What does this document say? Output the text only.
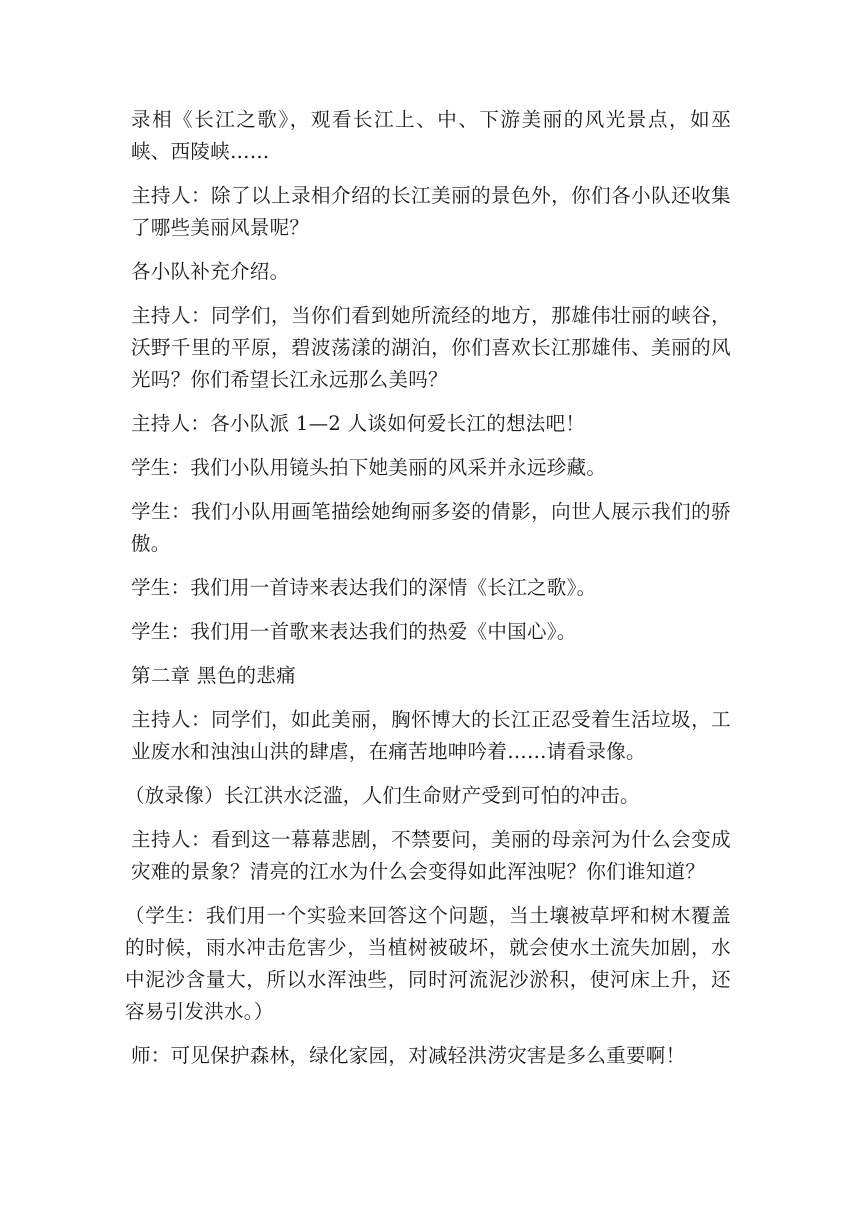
录相《长江之歌》，观看长江上、中、下游美丽的风光景点，如巫峡、西陵峡……

主持人：除了以上录相介绍的长江美丽的景色外，你们各小队还收集了哪些美丽风景呢？

各小队补充介绍。

主持人：同学们，当你们看到她所流经的地方，那雄伟壮丽的峡谷，沃野千里的平原，碧波荡漾的湖泊，你们喜欢长江那雄伟、美丽的风光吗？你们希望长江永远那么美吗？

主持人：各小队派 1—2 人谈如何爱长江的想法吧！

学生：我们小队用镜头拍下她美丽的风采并永远珍藏。

学生：我们小队用画笔描绘她绚丽多姿的倩影，向世人展示我们的骄傲。

学生：我们用一首诗来表达我们的深情《长江之歌》。

学生：我们用一首歌来表达我们的热爱《中国心》。

第二章 黑色的悲痛

主持人：同学们，如此美丽，胸怀博大的长江正忍受着生活垃圾，工业废水和浊浊山洪的肆虐，在痛苦地呻吟着……请看录像。

（放录像）长江洪水泛滥，人们生命财产受到可怕的冲击。

主持人：看到这一幕幕悲剧，不禁要问，美丽的母亲河为什么会变成灾难的景象？清亮的江水为什么会变得如此浑浊呢？你们谁知道？

（学生：我们用一个实验来回答这个问题，当土壤被草坪和树木覆盖的时候，雨水冲击危害少，当植树被破坏，就会使水土流失加剧，水中泥沙含量大，所以水浑浊些，同时河流泥沙淤积，使河床上升，还容易引发洪水。）

师：可见保护森林，绿化家园，对减轻洪涝灾害是多么重要啊！
